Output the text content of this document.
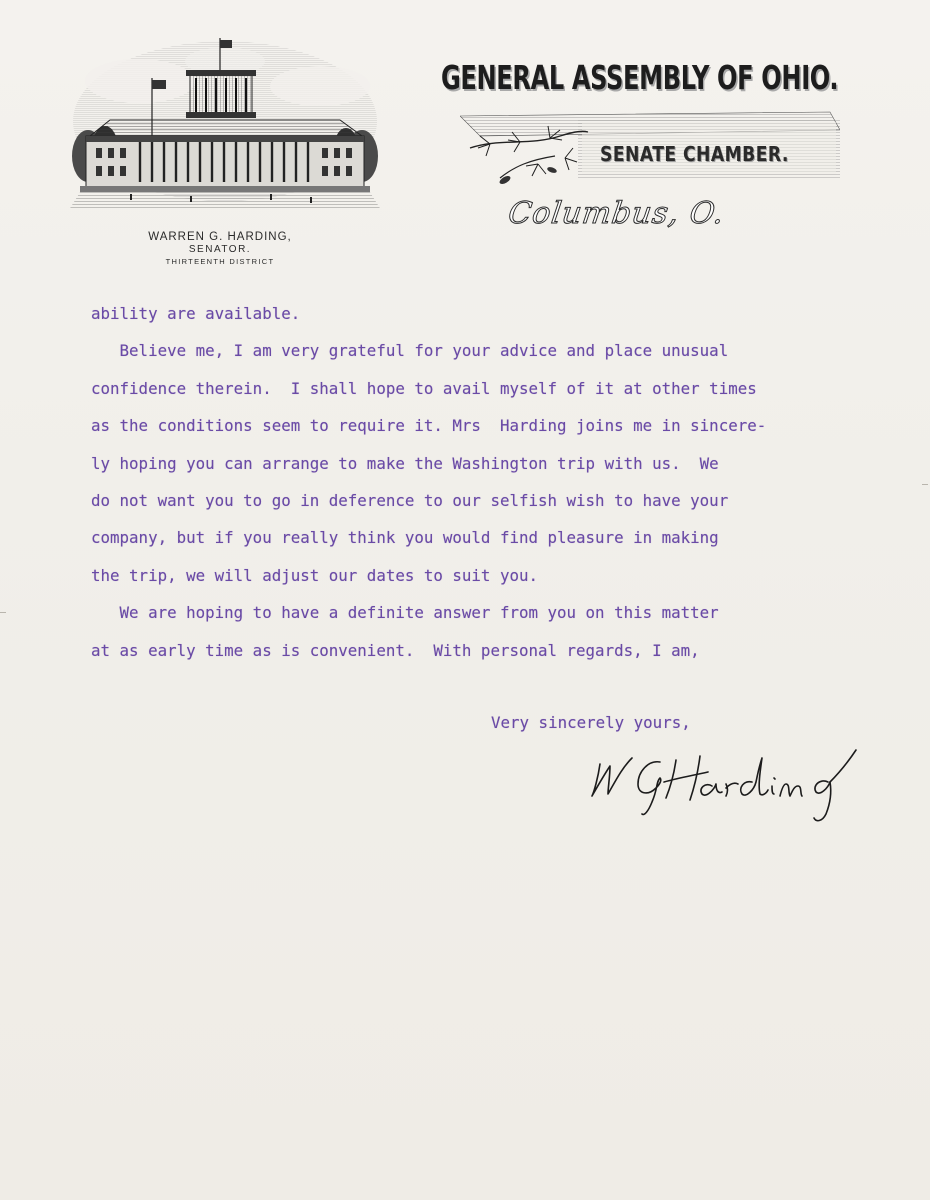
WARREN G. HARDING,
SENATOR.
THIRTEENTH DISTRICT
GENERAL ASSEMBLY OF OHIO.
SENATE CHAMBER.
Columbus, O.
ability are available.
Believe me, I am very grateful for your advice and place unusual
confidence therein.  I shall hope to avail myself of it at other times
as the conditions seem to require it. Mrs  Harding joins me in sincere-
ly hoping you can arrange to make the Washington trip with us.  We
do not want you to go in deference to our selfish wish to have your
company, but if you really think you would find pleasure in making
the trip, we will adjust our dates to suit you.
We are hoping to have a definite answer from you on this matter
at as early time as is convenient.  With personal regards, I am,
Very sincerely yours,
